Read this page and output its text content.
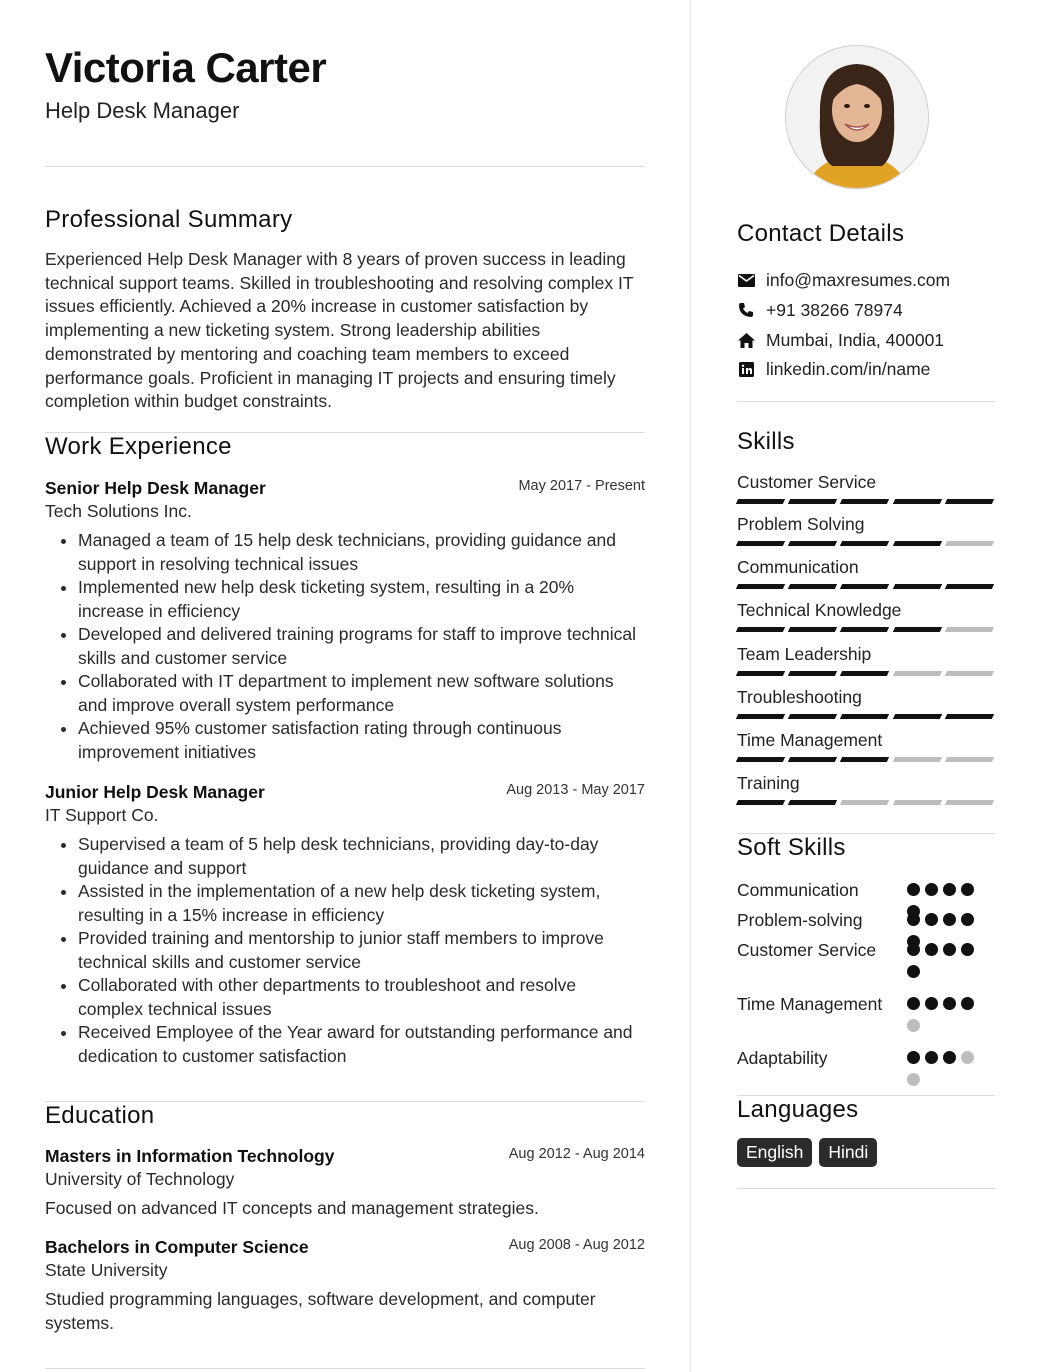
Victoria Carter
Help Desk Manager
Professional Summary
Experienced Help Desk Manager with 8 years of proven success in leading technical support teams. Skilled in troubleshooting and resolving complex IT issues efficiently. Achieved a 20% increase in customer satisfaction by implementing a new ticketing system. Strong leadership abilities demonstrated by mentoring and coaching team members to exceed performance goals. Proficient in managing IT projects and ensuring timely completion within budget constraints.
Work Experience
Senior Help Desk Manager	May 2017 - Present
Tech Solutions Inc.
• Managed a team of 15 help desk technicians, providing guidance and support in resolving technical issues
• Implemented new help desk ticketing system, resulting in a 20% increase in efficiency
• Developed and delivered training programs for staff to improve technical skills and customer service
• Collaborated with IT department to implement new software solutions and improve overall system performance
• Achieved 95% customer satisfaction rating through continuous improvement initiatives
Junior Help Desk Manager	Aug 2013 - May 2017
IT Support Co.
• Supervised a team of 5 help desk technicians, providing day-to-day guidance and support
• Assisted in the implementation of a new help desk ticketing system, resulting in a 15% increase in efficiency
• Provided training and mentorship to junior staff members to improve technical skills and customer service
• Collaborated with other departments to troubleshoot and resolve complex technical issues
• Received Employee of the Year award for outstanding performance and dedication to customer satisfaction
Education
Masters in Information Technology	Aug 2012 - Aug 2014
University of Technology
Focused on advanced IT concepts and management strategies.
Bachelors in Computer Science	Aug 2008 - Aug 2012
State University
Studied programming languages, software development, and computer systems.
Contact Details
info@maxresumes.com
+91 38266 78974
Mumbai, India, 400001
linkedin.com/in/name
Skills
Customer Service
Problem Solving
Communication
Technical Knowledge
Team Leadership
Troubleshooting
Time Management
Training
Soft Skills
Communication
Problem-solving
Customer Service
Time Management
Adaptability
Languages
English	Hindi
